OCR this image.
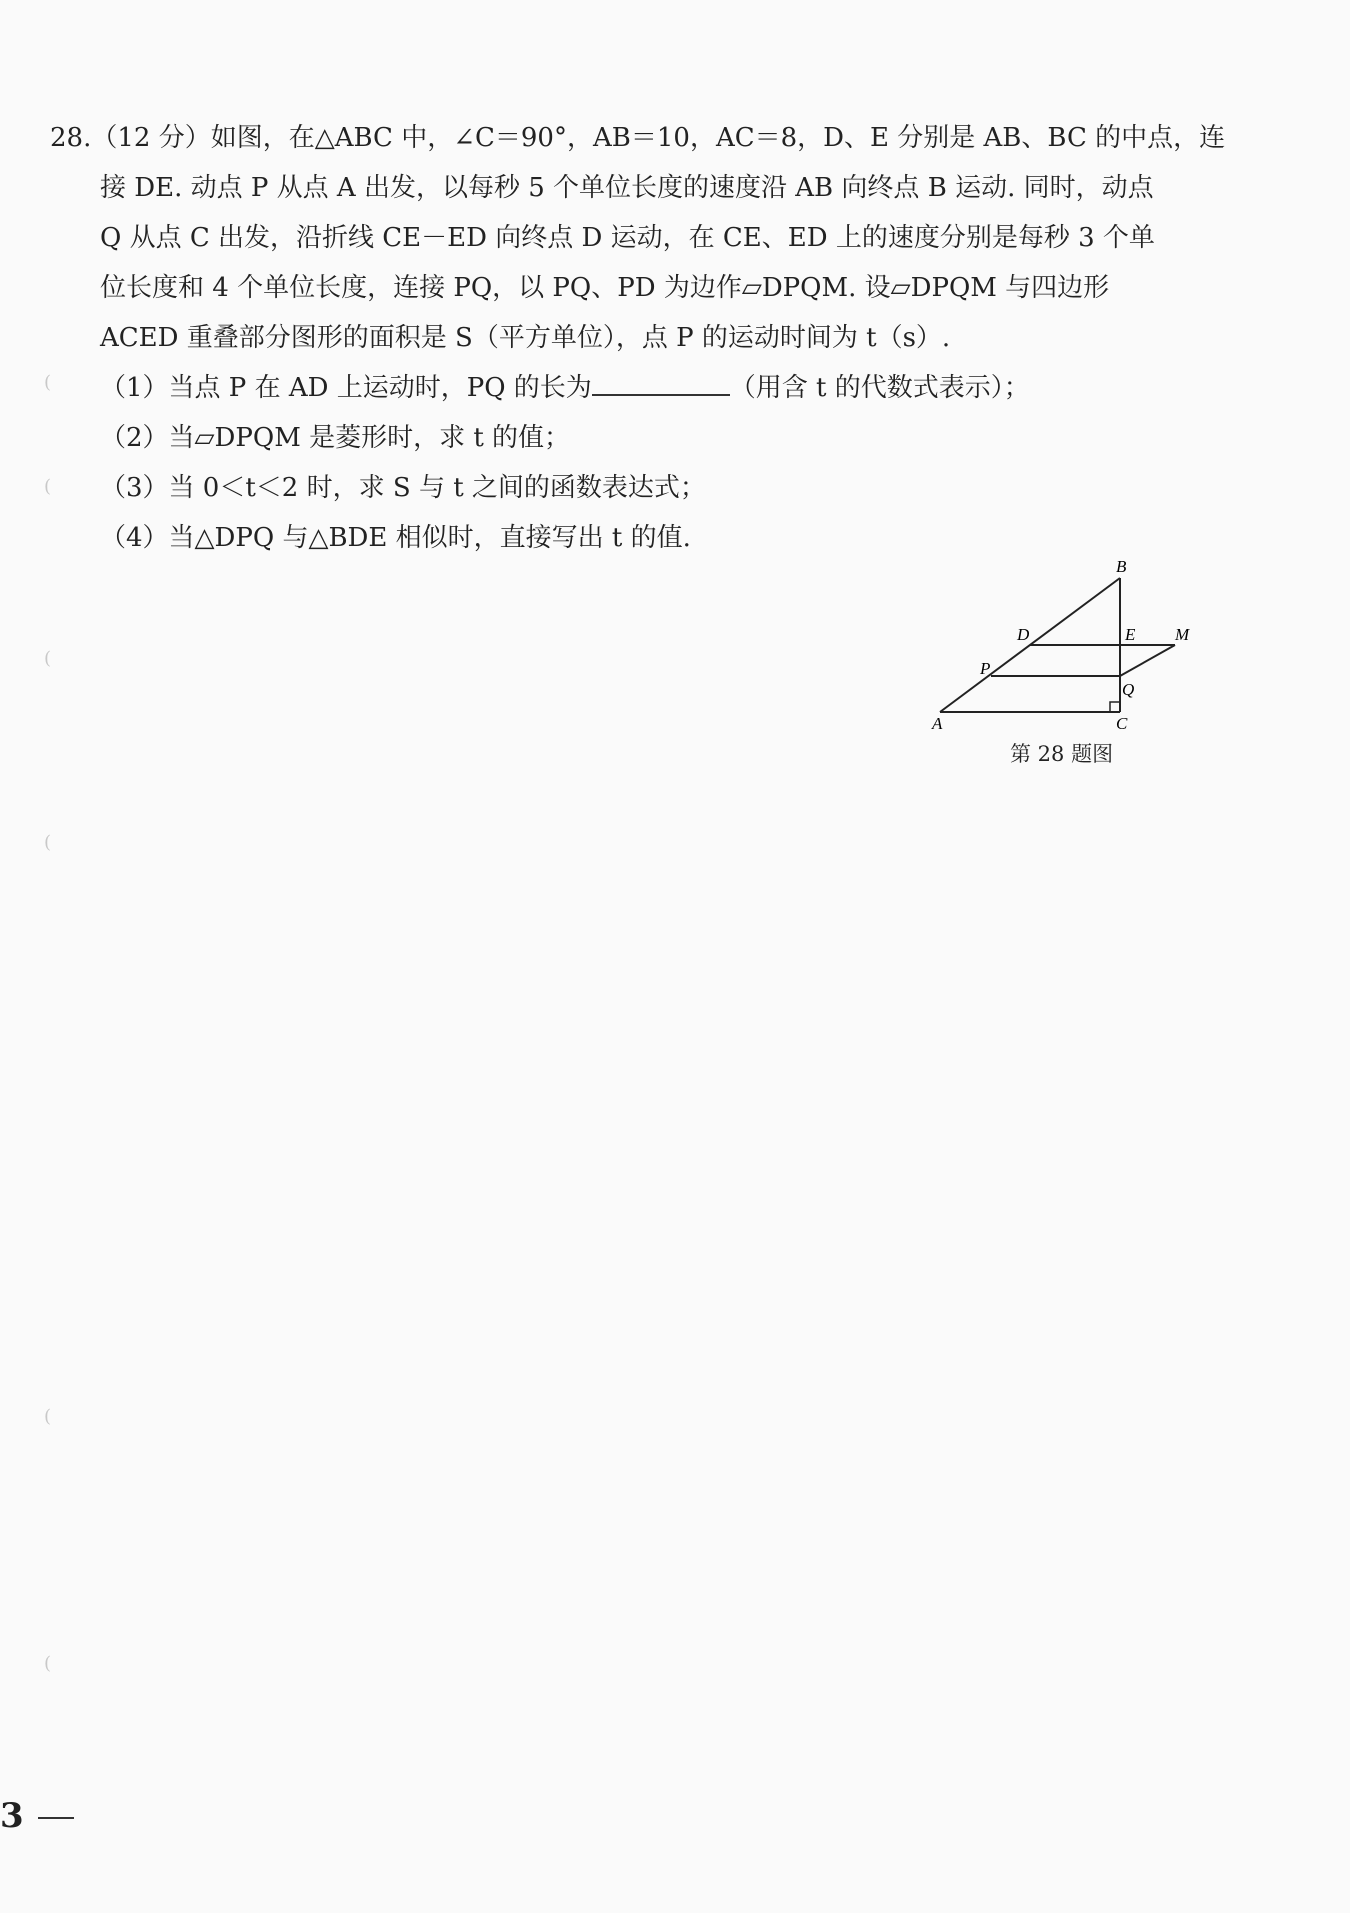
28.（12 分）如图，在△ABC 中，∠C＝90°，AB＝10，AC＝8，D、E 分别是 AB、BC 的中点，连
接 DE. 动点 P 从点 A 出发，以每秒 5 个单位长度的速度沿 AB 向终点 B 运动. 同时，动点
Q 从点 C 出发，沿折线 CE－ED 向终点 D 运动，在 CE、ED 上的速度分别是每秒 3 个单
位长度和 4 个单位长度，连接 PQ，以 PQ、PD 为边作▱DPQM. 设▱DPQM 与四边形
ACED 重叠部分图形的面积是 S（平方单位），点 P 的运动时间为 t（s）.
（1）当点 P 在 AD 上运动时，PQ 的长为	（用含 t 的代数式表示）；
（2）当▱DPQM 是菱形时，求 t 的值；
（3）当 0＜t＜2 时，求 S 与 t 之间的函数表达式；
（4）当△DPQ 与△BDE 相似时，直接写出 t 的值.
B
D	E M
P
Q
A	C
第 28 题图
(
(
(
(
(
(
3
